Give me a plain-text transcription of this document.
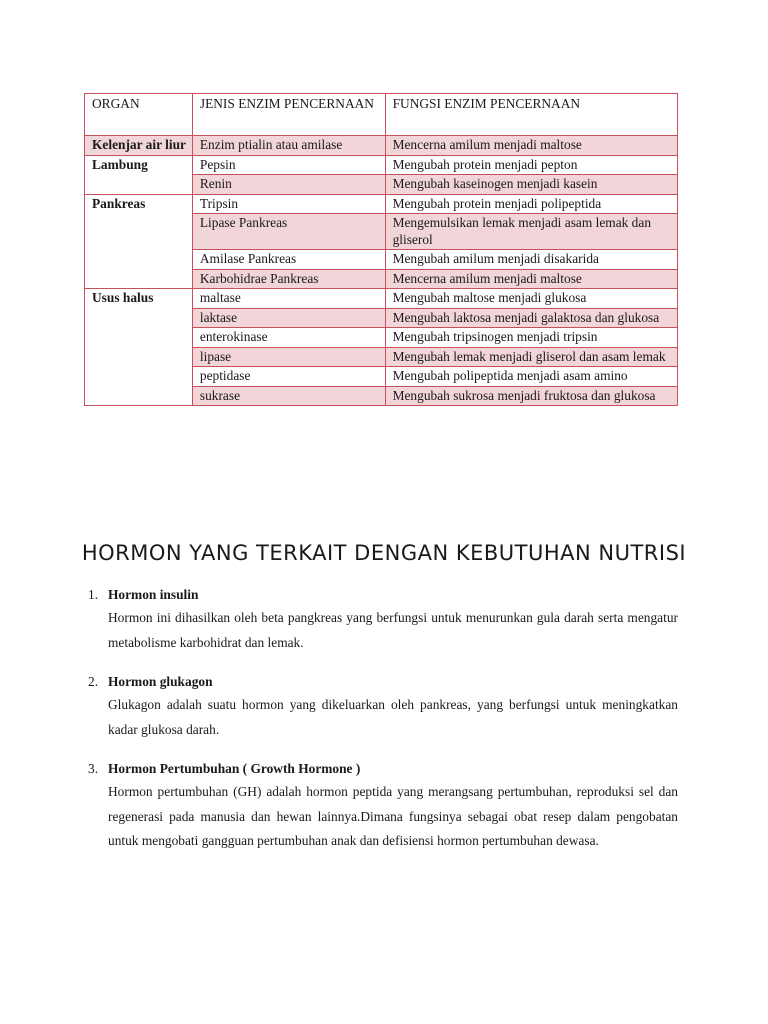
ORGAN	JENIS ENZIM PENCERNAAN	FUNGSI ENZIM PENCERNAAN
Kelenjar air liur	Enzim ptialin atau amilase	Mencerna amilum menjadi maltose
Lambung	Pepsin	Mengubah protein menjadi pepton
	Renin	Mengubah kaseinogen menjadi kasein
Pankreas	Tripsin	Mengubah protein menjadi polipeptida
	Lipase Pankreas	Mengemulsikan lemak menjadi asam lemak dan gliserol
	Amilase Pankreas	Mengubah amilum menjadi disakarida
	Karbohidrae Pankreas	Mencerna amilum menjadi maltose
Usus halus	maltase	Mengubah maltose menjadi glukosa
	laktase	Mengubah laktosa menjadi galaktosa dan glukosa
	enterokinase	Mengubah tripsinogen menjadi tripsin
	lipase	Mengubah lemak menjadi gliserol dan asam lemak
	peptidase	Mengubah polipeptida menjadi asam amino
	sukrase	Mengubah sukrosa menjadi fruktosa dan glukosa
HORMON YANG TERKAIT DENGAN KEBUTUHAN NUTRISI
1. Hormon insulin
Hormon ini dihasilkan oleh beta pangkreas yang berfungsi untuk menurunkan gula darah serta mengatur metabolisme karbohidrat dan lemak.
2. Hormon glukagon
Glukagon adalah suatu hormon yang dikeluarkan oleh pankreas, yang berfungsi untuk meningkatkan kadar glukosa darah.
3. Hormon Pertumbuhan ( Growth Hormone )
Hormon pertumbuhan (GH) adalah hormon peptida yang merangsang pertumbuhan, reproduksi sel dan regenerasi pada manusia dan hewan lainnya.Dimana fungsinya sebagai obat resep dalam pengobatan untuk mengobati gangguan pertumbuhan anak dan defisiensi hormon pertumbuhan dewasa.
